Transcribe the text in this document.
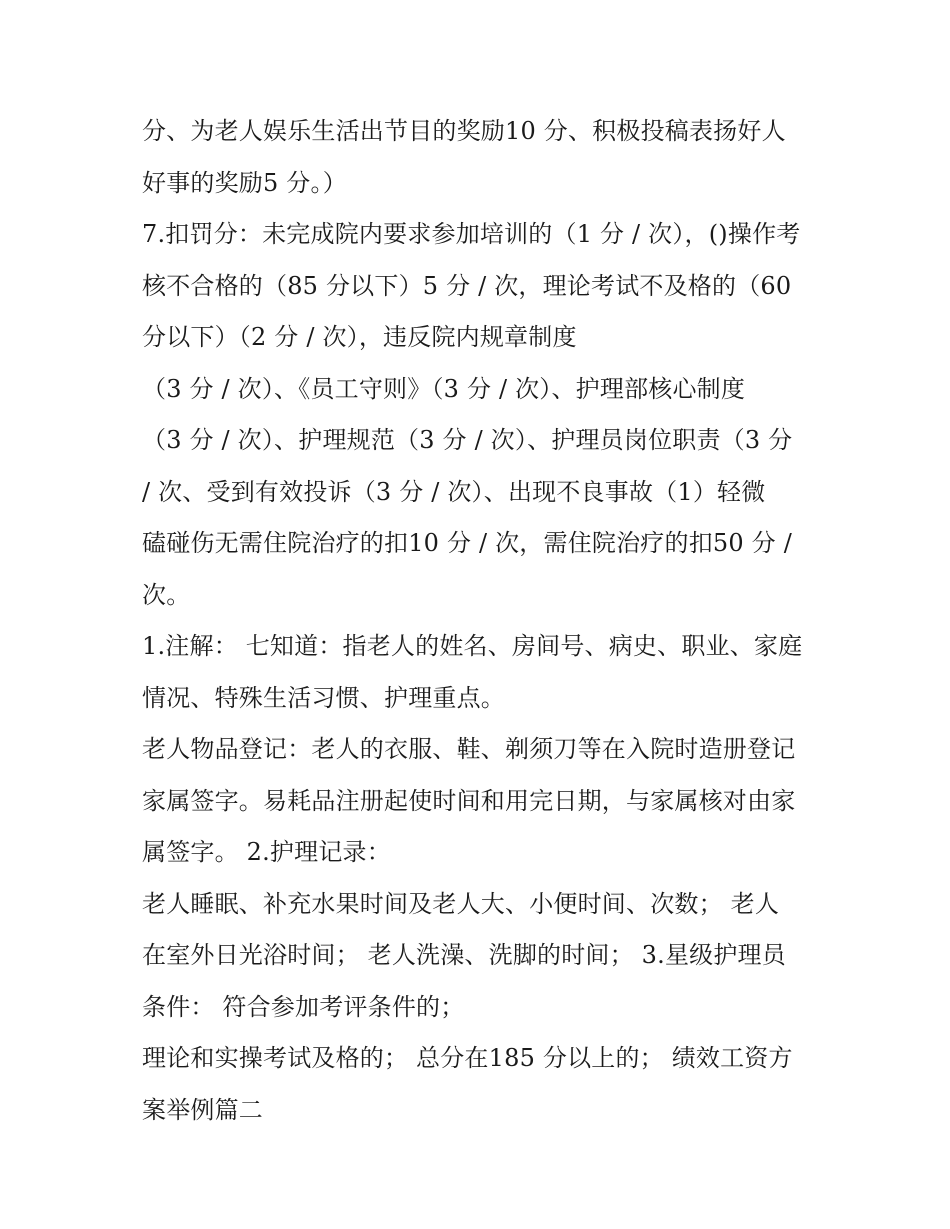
分、为老人娱乐生活出节目的奖励10 分、积极投稿表扬好人
好事的奖励5 分。）
7.扣罚分：未完成院内要求参加培训的（1 分 / 次），()操作考
核不合格的（85 分以下）5 分 / 次，理论考试不及格的（60
分以下）（2 分 / 次），违反院内规章制度
（3 分 / 次）、《员工守则》（3 分 / 次）、护理部核心制度
（3 分 / 次）、护理规范（3 分 / 次）、护理员岗位职责（3 分
/ 次、受到有效投诉（3 分 / 次）、出现不良事故（1）轻微
磕碰伤无需住院治疗的扣10 分 / 次，需住院治疗的扣50 分 /
次。
1.注解： 七知道：指老人的姓名、房间号、病史、职业、家庭
情况、特殊生活习惯、护理重点。
老人物品登记：老人的衣服、鞋、剃须刀等在入院时造册登记
家属签字。易耗品注册起使时间和用完日期，与家属核对由家
属签字。 2.护理记录：
老人睡眠、补充水果时间及老人大、小便时间、次数； 老人
在室外日光浴时间； 老人洗澡、洗脚的时间； 3.星级护理员
条件： 符合参加考评条件的；
理论和实操考试及格的； 总分在185 分以上的； 绩效工资方
案举例篇二
